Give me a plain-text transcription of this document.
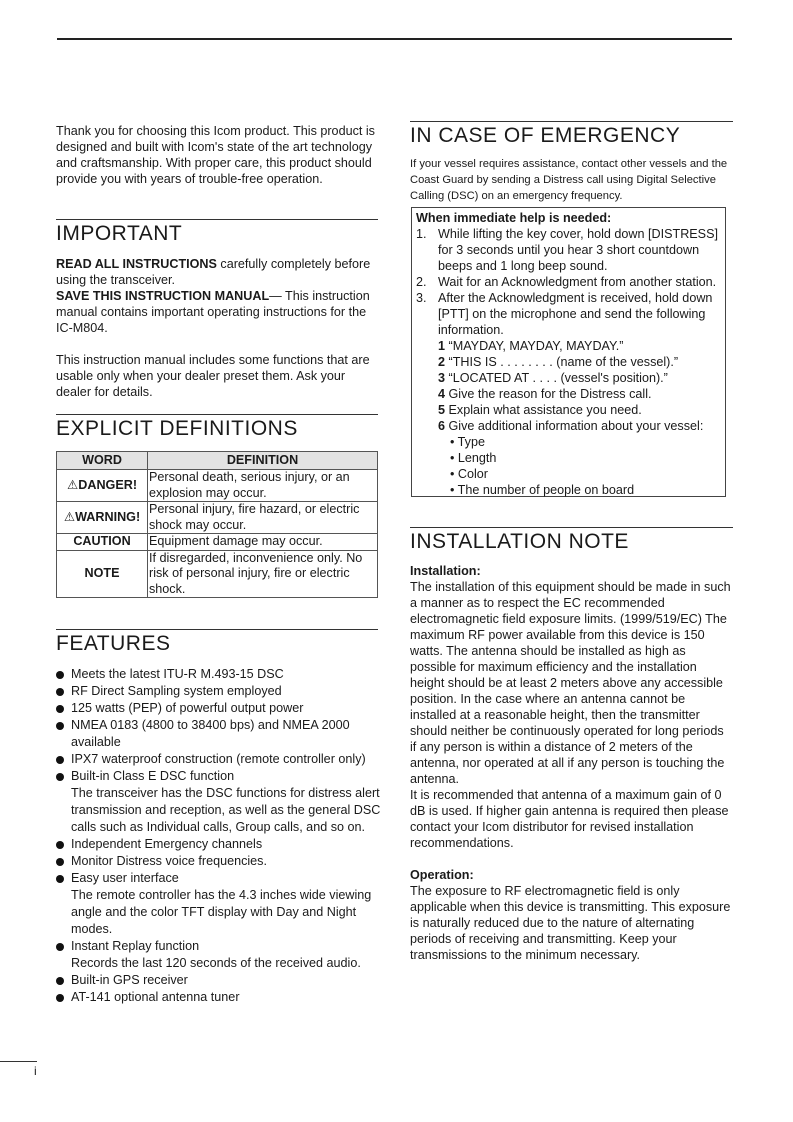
Thank you for choosing this Icom product. This product is designed and built with Icom's state of the art technology and craftsmanship. With proper care, this product should provide you with years of trouble-free operation.

IMPORTANT

READ ALL INSTRUCTIONS carefully completely before using the transceiver.

SAVE THIS INSTRUCTION MANUAL— This instruction manual contains important operating instructions for the IC-M804.

This instruction manual includes some functions that are usable only when your dealer preset them. Ask your dealer for details.

EXPLICIT DEFINITIONS
WORD	DEFINITION
⚠DANGER!	Personal death, serious injury, or an explosion may occur.
⚠WARNING!	Personal injury, fire hazard, or electric shock may occur.
CAUTION	Equipment damage may occur.
NOTE	If disregarded, inconvenience only. No risk of personal injury, fire or electric shock.
FEATURES
Meets the latest ITU-R M.493-15 DSC
RF Direct Sampling system employed
125 watts (PEP) of powerful output power
NMEA 0183 (4800 to 38400 bps) and NMEA 2000 available
IPX7 waterproof construction (remote controller only)
Built-in Class E DSC function
The transceiver has the DSC functions for distress alert transmission and reception, as well as the general DSC calls such as Individual calls, Group calls, and so on.
Independent Emergency channels
Monitor Distress voice frequencies.
Easy user interface
The remote controller has the 4.3 inches wide viewing angle and the color TFT display with Day and Night modes.
Instant Replay function
Records the last 120 seconds of the received audio.
Built-in GPS receiver
AT-141 optional antenna tuner
IN CASE OF EMERGENCY

If your vessel requires assistance, contact other vessels and the Coast Guard by sending a Distress call using Digital Selective Calling (DSC) on an emergency frequency.

When immediate help is needed:
1. While lifting the key cover, hold down [DISTRESS] for 3 seconds until you hear 3 short countdown beeps and 1 long beep sound.
2. Wait for an Acknowledgment from another station.
3. After the Acknowledgment is received, hold down [PTT] on the microphone and send the following information.
1 “MAYDAY, MAYDAY, MAYDAY.”
2 “THIS IS . . . . . . . . (name of the vessel).”
3 “LOCATED AT . . . . (vessel's position).”
4 Give the reason for the Distress call.
5 Explain what assistance you need.
6 Give additional information about your vessel:
• Type
• Length
• Color
• The number of people on board
INSTALLATION NOTE

Installation:

The installation of this equipment should be made in such a manner as to respect the EC recommended electromagnetic field exposure limits. (1999/519/EC) The maximum RF power available from this device is 150 watts. The antenna should be installed as high as possible for maximum efficiency and the installation height should be at least 2 meters above any accessible position. In the case where an antenna cannot be installed at a reasonable height, then the transmitter should neither be continuously operated for long periods if any person is within a distance of 2 meters of the antenna, nor operated at all if any person is touching the antenna.

It is recommended that antenna of a maximum gain of 0 dB is used. If higher gain antenna is required then please contact your Icom distributor for revised installation recommendations.

Operation:

The exposure to RF electromagnetic field is only applicable when this device is transmitting. This exposure is naturally reduced due to the nature of alternating periods of receiving and transmitting. Keep your transmissions to the minimum necessary.

i
